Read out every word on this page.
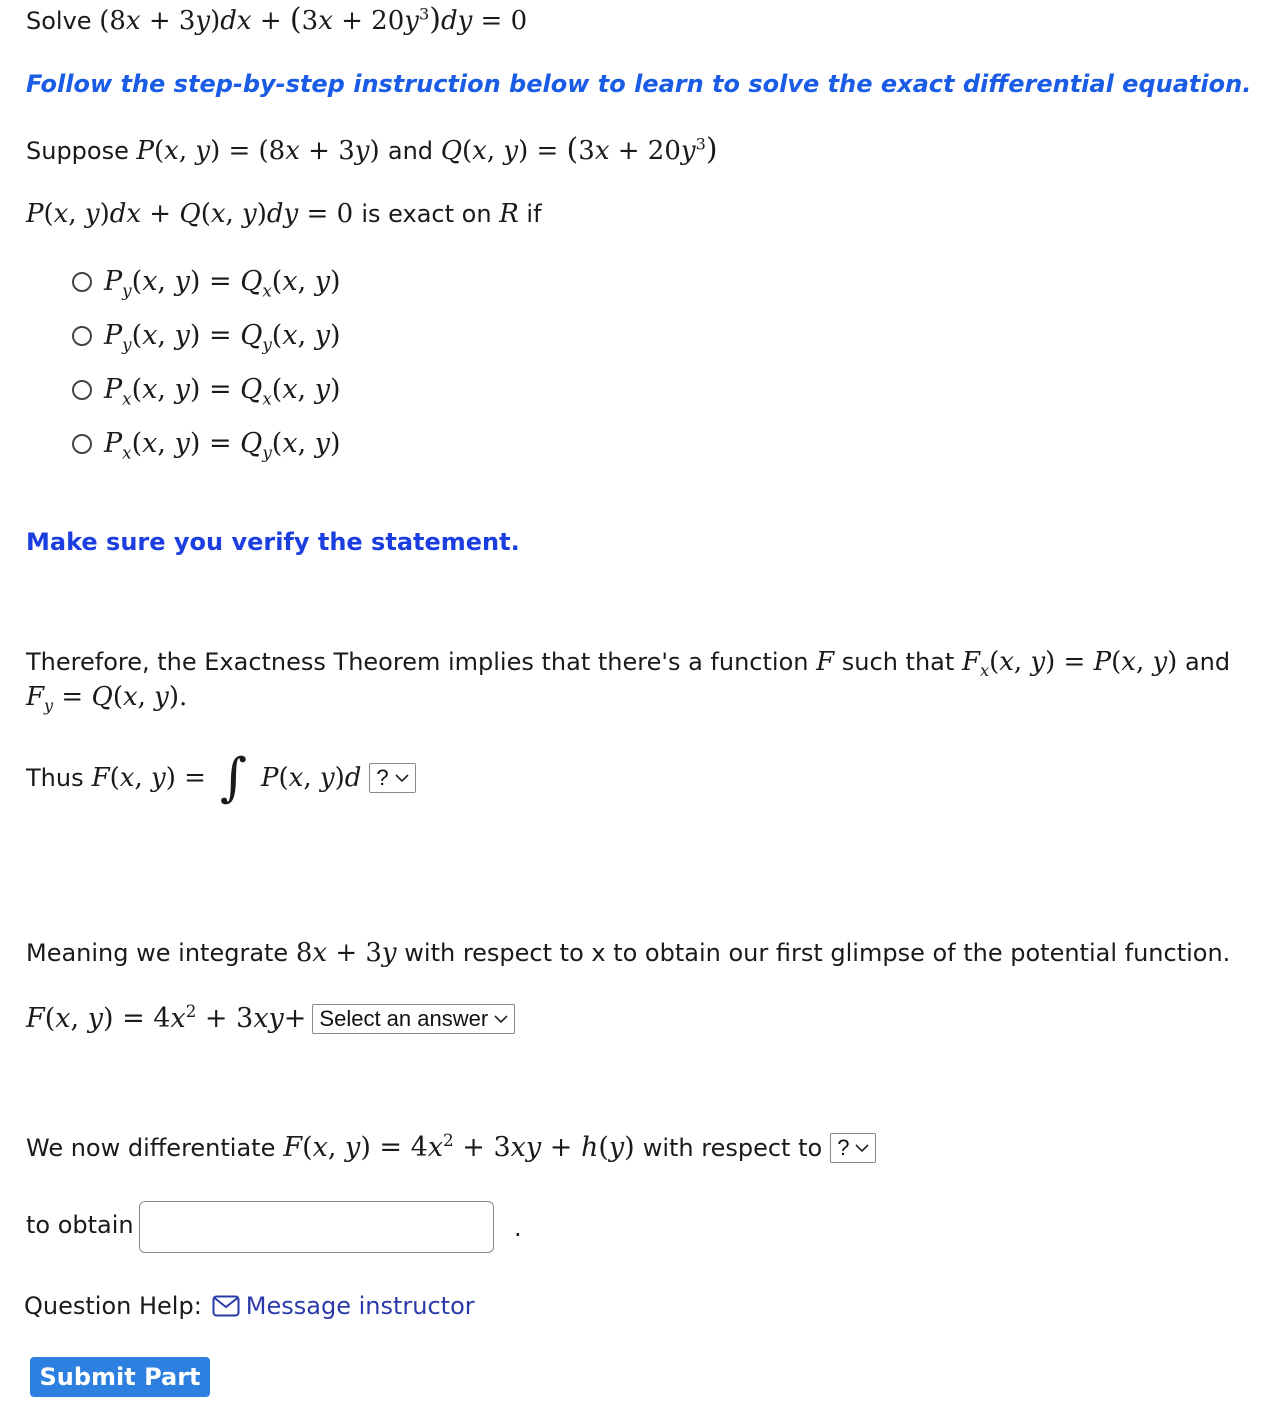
Solve $(8x + 3y)dx + (3x + 20y^3)dy = 0$
Follow the step-by-step instruction below to learn to solve the exact differential equation.
Suppose P(x, y) = (8x + 3y) and Q(x, $y) = (3x + 20y^3)$
P(x, y)dx + Q(x, y)dy = 0 is exact on R if
$P_y(x$, $y) = Q_x(x$, y)
$P_y(x$, $y) = Q_y(x$, y)
$P_x(x$, $y) = Q_x(x$, y)
$P_x(x$, $y) = Q_y(x$, y)
Make sure you verify the statement.
Therefore, the Exactness Theorem implies that there's a function F such that $F_x(x$, y) = P(x, y) and
$F_y = Q(x$, y).
Thus F(x, y) = ∫ P(x, y)d ?
Meaning we integrate 8x + 3y with respect to x to obtain our first glimpse of the potential function.
F(x, $y) = 4x^2 + 3xy+$ Select an answer
We now differentiate F(x, $y) = 4x^2 + 3xy + h(y)$ with respect to ?
to obtain	.
Question Help: Message instructor
Submit Part
